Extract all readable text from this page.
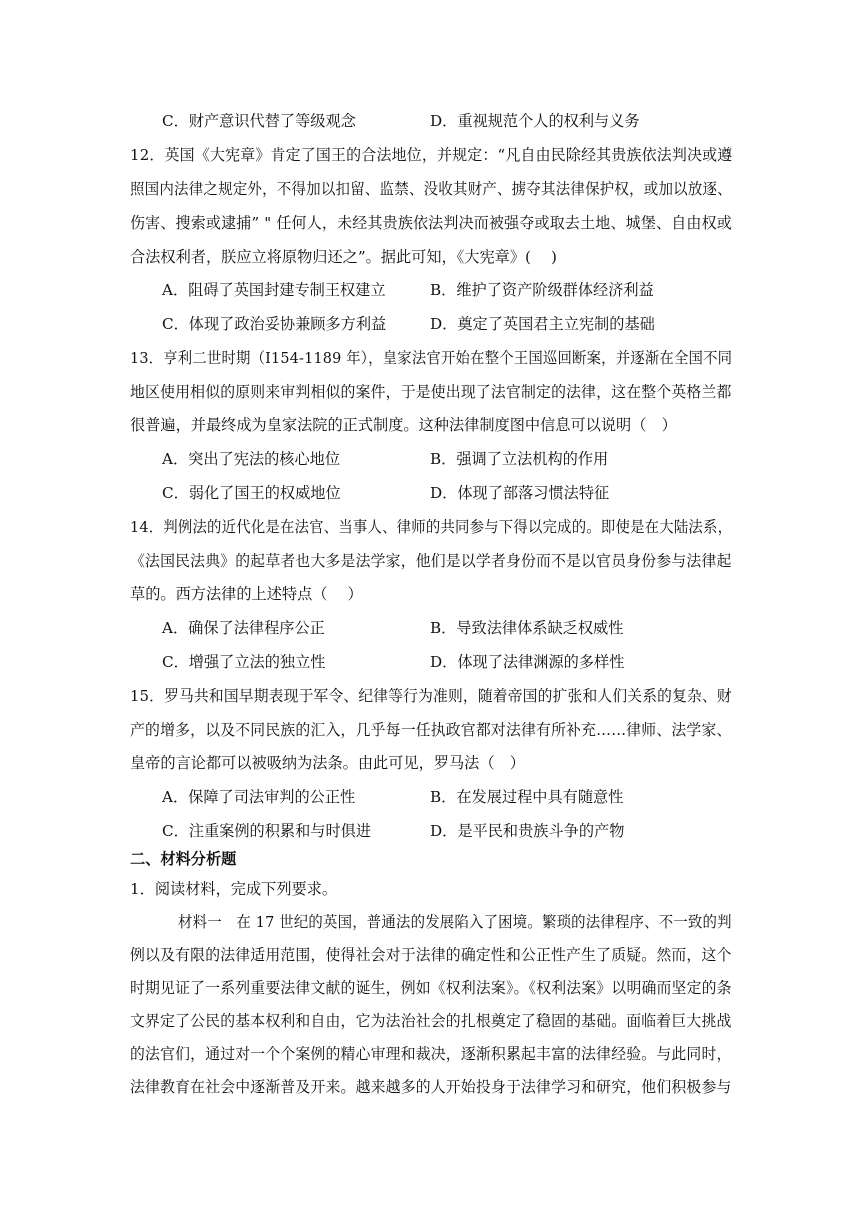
C．财产意识代替了等级观念	D．重视规范个人的权利与义务
12．英国《大宪章》肯定了国王的合法地位，并规定：“凡自由民除经其贵族依法判决或遵
照国内法律之规定外，不得加以扣留、监禁、没收其财产、掳夺其法律保护权，或加以放逐、
伤害、搜索或逮捕” " 任何人，未经其贵族依法判决而被强夺或取去土地、城堡、自由权或
合法权利者，朕应立将原物归还之”。据此可知，《大宪章》(　 )
A．阻碍了英国封建专制王权建立	B．维护了资产阶级群体经济利益
C．体现了政治妥协兼顾多方利益	D．奠定了英国君主立宪制的基础
13．亨利二世时期（I154-1189 年），皇家法官开始在整个王国巡回断案，并逐渐在全国不同
地区使用相似的原则来审判相似的案件，于是使出现了法官制定的法律，这在整个英格兰都
很普遍，并最终成为皇家法院的正式制度。这种法律制度图中信息可以说明（　）
A．突出了宪法的核心地位	B．强调了立法机构的作用
C．弱化了国王的权威地位	D．体现了部落习惯法特征
14．判例法的近代化是在法官、当事人、律师的共同参与下得以完成的。即使是在大陆法系，
《法国民法典》的起草者也大多是法学家，他们是以学者身份而不是以官员身份参与法律起
草的。西方法律的上述特点（　 ）
A．确保了法律程序公正	B．导致法律体系缺乏权威性
C．增强了立法的独立性	D．体现了法律渊源的多样性
15．罗马共和国早期表现于军令、纪律等行为准则，随着帝国的扩张和人们关系的复杂、财
产的增多，以及不同民族的汇入，几乎每一任执政官都对法律有所补充……律师、法学家、
皇帝的言论都可以被吸纳为法条。由此可见，罗马法（　）
A．保障了司法审判的公正性	B．在发展过程中具有随意性
C．注重案例的积累和与时俱进	D．是平民和贵族斗争的产物
二、材料分析题
1．阅读材料，完成下列要求。
材料一　在 17 世纪的英国，普通法的发展陷入了困境。繁琐的法律程序、不一致的判
例以及有限的法律适用范围，使得社会对于法律的确定性和公正性产生了质疑。然而，这个
时期见证了一系列重要法律文献的诞生，例如《权利法案》。《权利法案》以明确而坚定的条
文界定了公民的基本权利和自由，它为法治社会的扎根奠定了稳固的基础。面临着巨大挑战
的法官们，通过对一个个案例的精心审理和裁决，逐渐积累起丰富的法律经验。与此同时，
法律教育在社会中逐渐普及开来。越来越多的人开始投身于法律学习和研究，他们积极参与
